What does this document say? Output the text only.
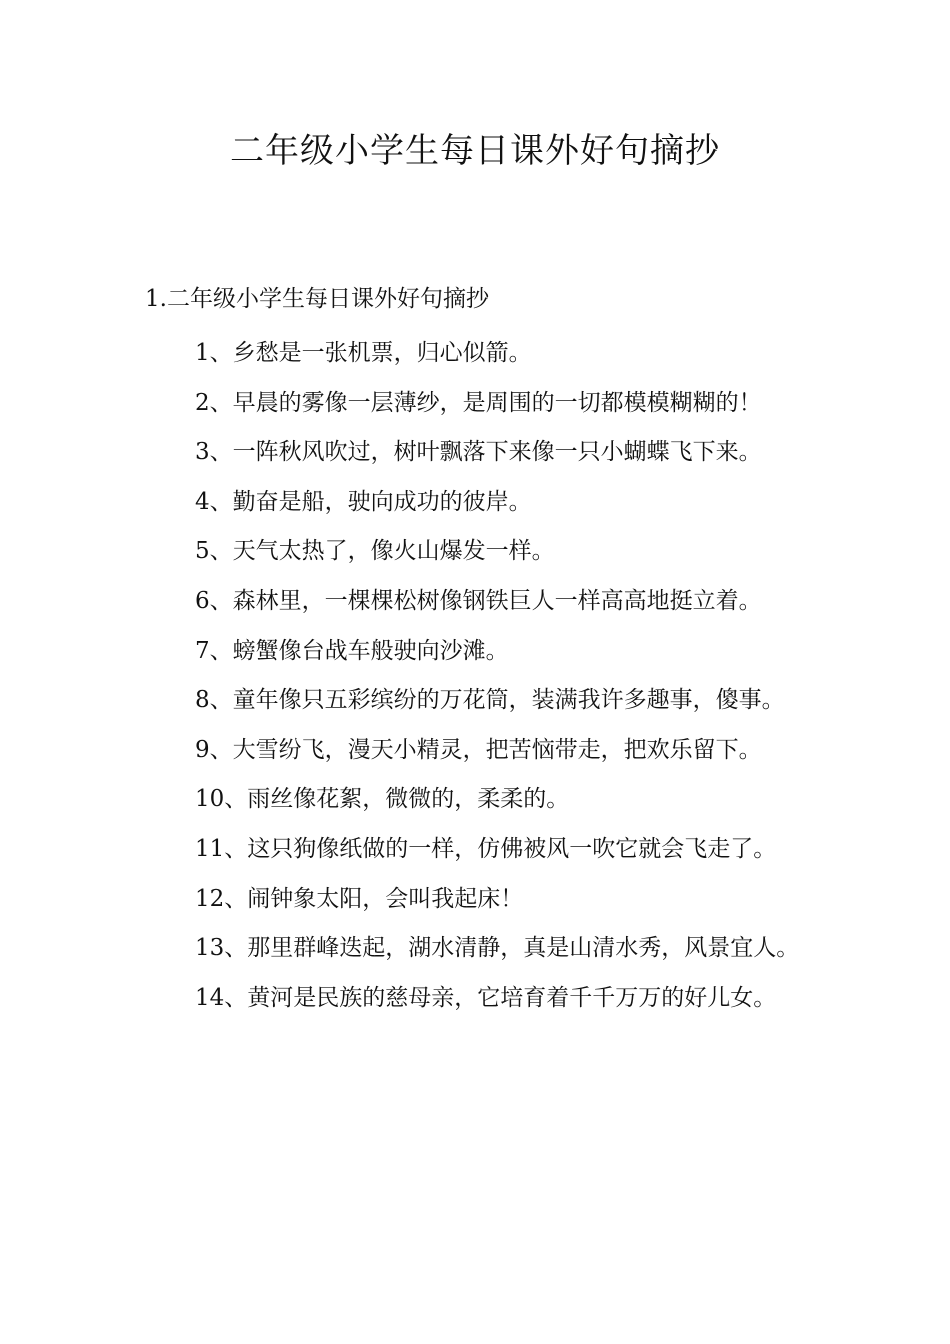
二年级小学生每日课外好句摘抄

1.二年级小学生每日课外好句摘抄

1、乡愁是一张机票，归心似箭。

2、早晨的雾像一层薄纱，是周围的一切都模模糊糊的！

3、一阵秋风吹过，树叶飘落下来像一只小蝴蝶飞下来。

4、勤奋是船，驶向成功的彼岸。

5、天气太热了，像火山爆发一样。

6、森林里，一棵棵松树像钢铁巨人一样高高地挺立着。

7、螃蟹像台战车般驶向沙滩。

8、童年像只五彩缤纷的万花筒，装满我许多趣事，傻事。

9、大雪纷飞，漫天小精灵，把苦恼带走，把欢乐留下。

10、雨丝像花絮，微微的，柔柔的。

11、这只狗像纸做的一样，仿佛被风一吹它就会飞走了。

12、闹钟象太阳，会叫我起床！

13、那里群峰迭起，湖水清静，真是山清水秀，风景宜人。

14、黄河是民族的慈母亲，它培育着千千万万的好儿女。
